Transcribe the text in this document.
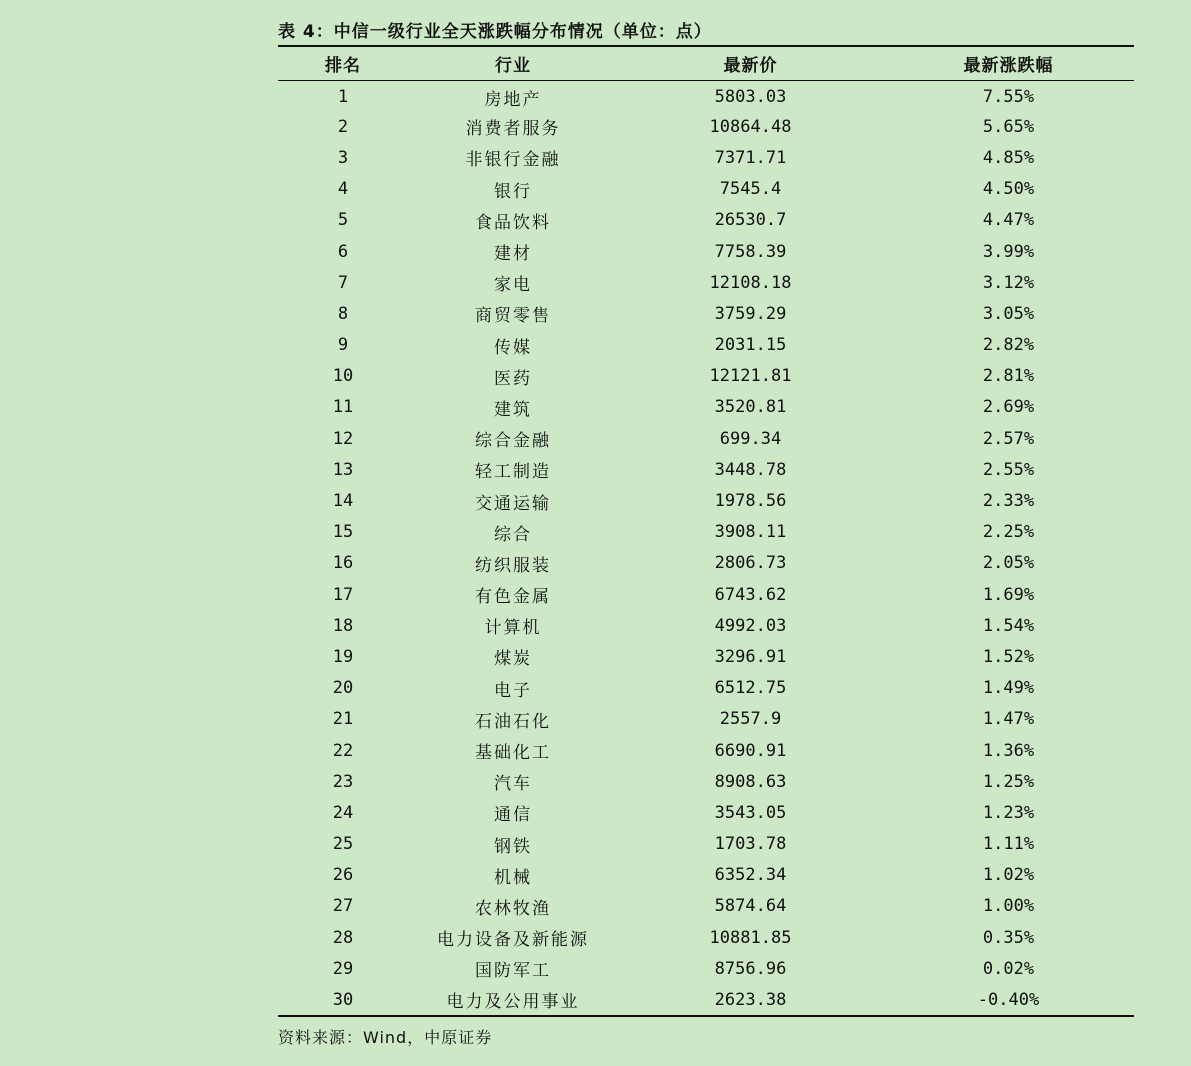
表 4：中信一级行业全天涨跌幅分布情况（单位：点）
排名	行业	最新价	最新涨跌幅
1	房地产	5803.03	7.55%
2	消费者服务	10864.48	5.65%
3	非银行金融	7371.71	4.85%
4	银行	7545.4	4.50%
5	食品饮料	26530.7	4.47%
6	建材	7758.39	3.99%
7	家电	12108.18	3.12%
8	商贸零售	3759.29	3.05%
9	传媒	2031.15	2.82%
10	医药	12121.81	2.81%
11	建筑	3520.81	2.69%
12	综合金融	699.34	2.57%
13	轻工制造	3448.78	2.55%
14	交通运输	1978.56	2.33%
15	综合	3908.11	2.25%
16	纺织服装	2806.73	2.05%
17	有色金属	6743.62	1.69%
18	计算机	4992.03	1.54%
19	煤炭	3296.91	1.52%
20	电子	6512.75	1.49%
21	石油石化	2557.9	1.47%
22	基础化工	6690.91	1.36%
23	汽车	8908.63	1.25%
24	通信	3543.05	1.23%
25	钢铁	1703.78	1.11%
26	机械	6352.34	1.02%
27	农林牧渔	5874.64	1.00%
28	电力设备及新能源	10881.85	0.35%
29	国防军工	8756.96	0.02%
30	电力及公用事业	2623.38	-0.40%
资料来源：Wind，中原证券
